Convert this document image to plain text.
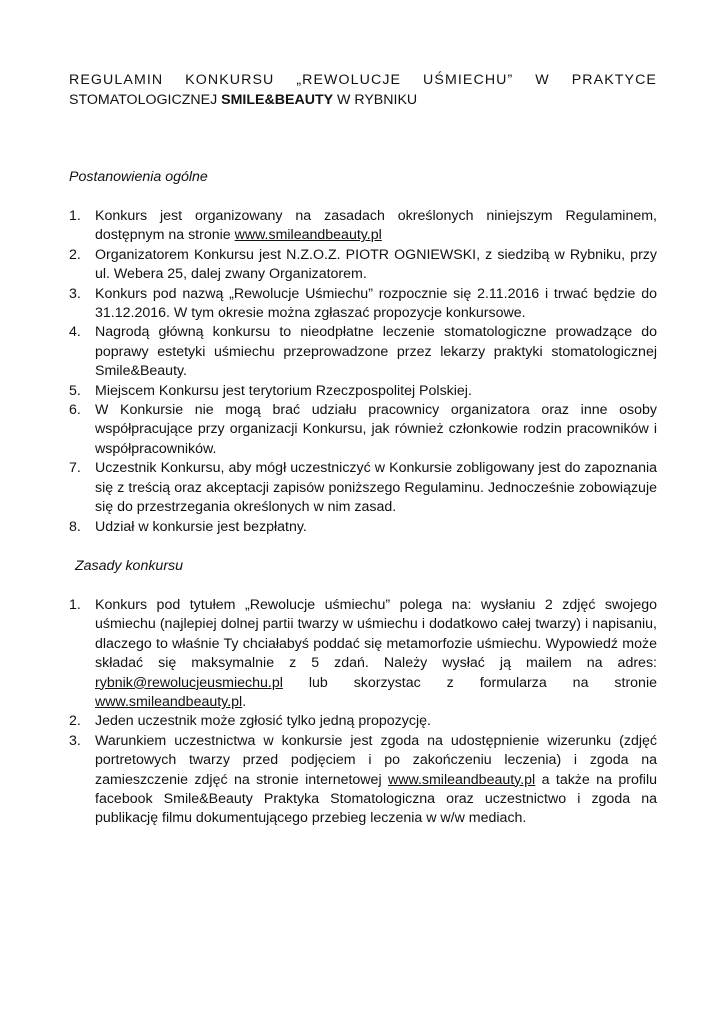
REGULAMIN KONKURSU „REWOLUCJE UŚMIECHU” W PRAKTYCE
STOMATOLOGICZNEJ SMILE&BEAUTY W RYBNIKU
Postanowienia ogólne
1. Konkurs jest organizowany na zasadach określonych niniejszym Regulaminem, dostępnym na stronie www.smileandbeauty.pl
2. Organizatorem Konkursu jest N.Z.O.Z. PIOTR OGNIEWSKI, z siedzibą w Rybniku, przy ul. Webera 25, dalej zwany Organizatorem.
3. Konkurs pod nazwą „Rewolucje Uśmiechu” rozpocznie się 2.11.2016 i trwać będzie do 31.12.2016. W tym okresie można zgłaszać propozycje konkursowe.
4. Nagrodą główną konkursu to nieodpłatne leczenie stomatologiczne prowadzące do poprawy estetyki uśmiechu przeprowadzone przez lekarzy praktyki stomatologicznej Smile&Beauty.
5. Miejscem Konkursu jest terytorium Rzeczpospolitej Polskiej.
6. W Konkursie nie mogą brać udziału pracownicy organizatora oraz inne osoby współpracujące przy organizacji Konkursu, jak również członkowie rodzin pracowników i współpracowników.
7. Uczestnik Konkursu, aby mógł uczestniczyć w Konkursie zobligowany jest do zapoznania się z treścią oraz akceptacji zapisów poniższego Regulaminu. Jednocześnie zobowiązuje się do przestrzegania określonych w nim zasad.
8. Udział w konkursie jest bezpłatny.
Zasady konkursu
1. Konkurs pod tytułem „Rewolucje uśmiechu” polega na: wysłaniu 2 zdjęć swojego uśmiechu (najlepiej dolnej partii twarzy w uśmiechu i dodatkowo całej twarzy) i napisaniu, dlaczego to właśnie Ty chciałabyś poddać się metamorfozie uśmiechu. Wypowiedź może składać się maksymalnie z 5 zdań. Należy wysłać ją mailem na adres: rybnik@rewolucjeusmiechu.pl lub skorzystac z formularza na stronie www.smileandbeauty.pl.
2. Jeden uczestnik może zgłosić tylko jedną propozycję.
3. Warunkiem uczestnictwa w konkursie jest zgoda na udostępnienie wizerunku (zdjęć portretowych twarzy przed podjęciem i po zakończeniu leczenia) i zgoda na zamieszczenie zdjęć na stronie internetowej www.smileandbeauty.pl a także na profilu facebook Smile&Beauty Praktyka Stomatologiczna oraz uczestnictwo i zgoda na publikację filmu dokumentującego przebieg leczenia w w/w mediach.
